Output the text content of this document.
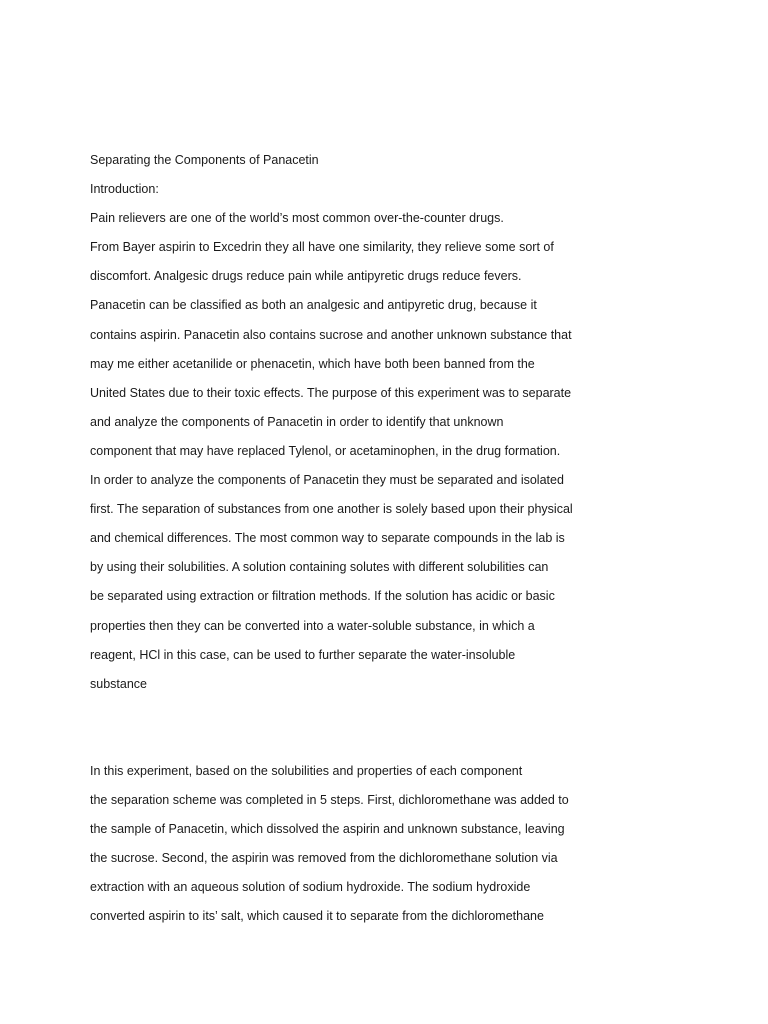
Separating the Components of Panacetin
Introduction:
Pain relievers are one of the world’s most common over-the-counter drugs.
From Bayer aspirin to Excedrin they all have one similarity, they relieve some sort of
discomfort. Analgesic drugs reduce pain while antipyretic drugs reduce fevers.
Panacetin can be classified as both an analgesic and antipyretic drug, because it
contains aspirin. Panacetin also contains sucrose and another unknown substance that
may me either acetanilide or phenacetin, which have both been banned from the
United States due to their toxic effects. The purpose of this experiment was to separate
and analyze the components of Panacetin in order to identify that unknown
component that may have replaced Tylenol, or acetaminophen, in the drug formation.
In order to analyze the components of Panacetin they must be separated and isolated
first. The separation of substances from one another is solely based upon their physical
and chemical differences. The most common way to separate compounds in the lab is
by using their solubilities. A solution containing solutes with different solubilities can
be separated using extraction or filtration methods. If the solution has acidic or basic
properties then they can be converted into a water-soluble substance, in which a
reagent, HCl in this case, can be used to further separate the water-insoluble
substance
In this experiment, based on the solubilities and properties of each component
the separation scheme was completed in 5 steps. First, dichloromethane was added to
the sample of Panacetin, which dissolved the aspirin and unknown substance, leaving
the sucrose. Second, the aspirin was removed from the dichloromethane solution via
extraction with an aqueous solution of sodium hydroxide. The sodium hydroxide
converted aspirin to its’ salt, which caused it to separate from the dichloromethane
